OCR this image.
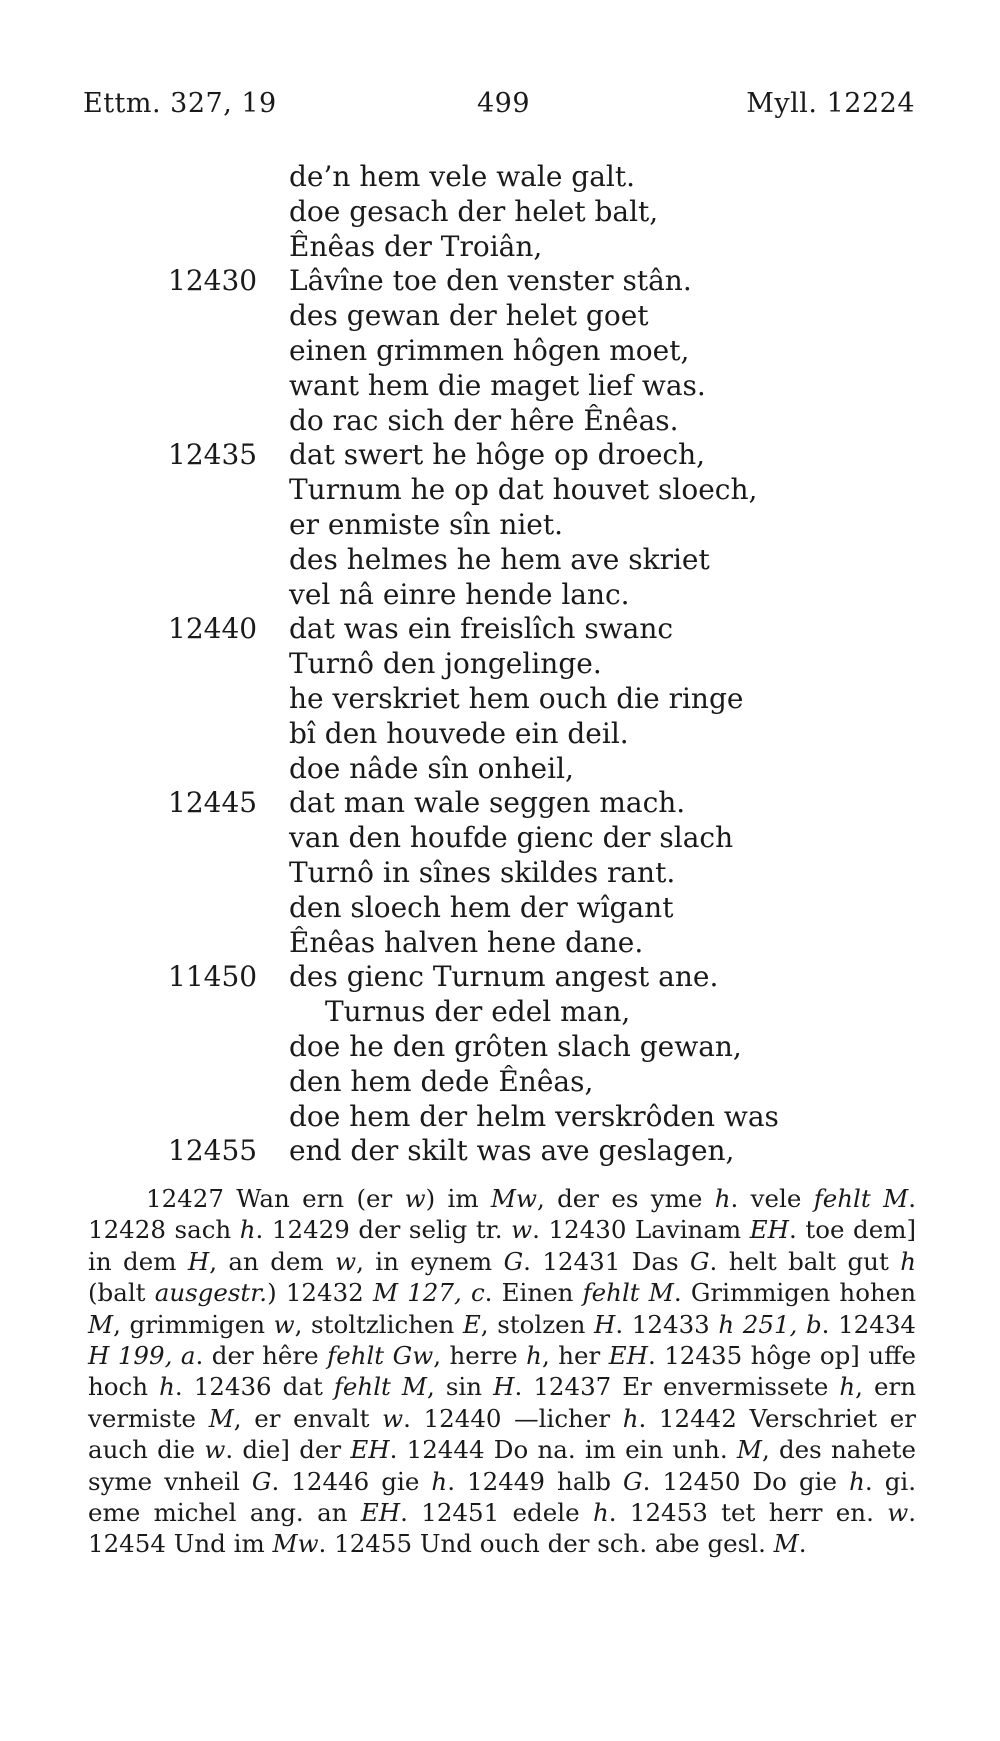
Ettm. 327, 19	499	Myll. 12224
de’n hem vele wale galt.
doe gesach der helet balt,
Ênêas der Troiân,
12430	Lâvîne toe den venster stân.
des gewan der helet goet
einen grimmen hôgen moet,
want hem die maget lief was.
do rac sich der hêre Ênêas.
12435	dat swert he hôge op droech,
Turnum he op dat houvet sloech,
er enmiste sîn niet.
des helmes he hem ave skriet
vel nâ einre hende lanc.
12440	dat was ein freislîch swanc
Turnô den jongelinge.
he verskriet hem ouch die ringe
bî den houvede ein deil.
doe nâde sîn onheil,
12445	dat man wale seggen mach.
van den houfde gienc der slach
Turnô in sînes skildes rant.
den sloech hem der wîgant
Ênêas halven hene dane.
11450	des gienc Turnum angest ane.
Turnus der edel man,
doe he den grôten slach gewan,
den hem dede Ênêas,
doe hem der helm verskrôden was
12455	end der skilt was ave geslagen,

12427 Wan ern (er w) im Mw, der es yme h. vele fehlt M. 12428 sach h. 12429 der selig tr. w. 12430 Lavinam EH. toe dem] in dem H, an dem w, in eynem G. 12431 Das G. helt balt gut h (balt ausgestr.) 12432 M 127, c. Einen fehlt M. Grimmigen hohen M, grimmigen w, stoltzlichen E, stolzen H. 12433 h 251, b. 12434 H 199, a. der hêre fehlt Gw, herre h, her EH. 12435 hôge op] uffe hoch h. 12436 dat fehlt M, sin H. 12437 Er envermissete h, ern vermiste M, er envalt w. 12440 —licher h. 12442 Verschriet er auch die w. die] der EH. 12444 Do na. im ein unh. M, des nahete syme vnheil G. 12446 gie h. 12449 halb G. 12450 Do gie h. gi. eme michel ang. an EH. 12451 edele h. 12453 tet herr en. w. 12454 Und im Mw. 12455 Und ouch der sch. abe gesl. M.
